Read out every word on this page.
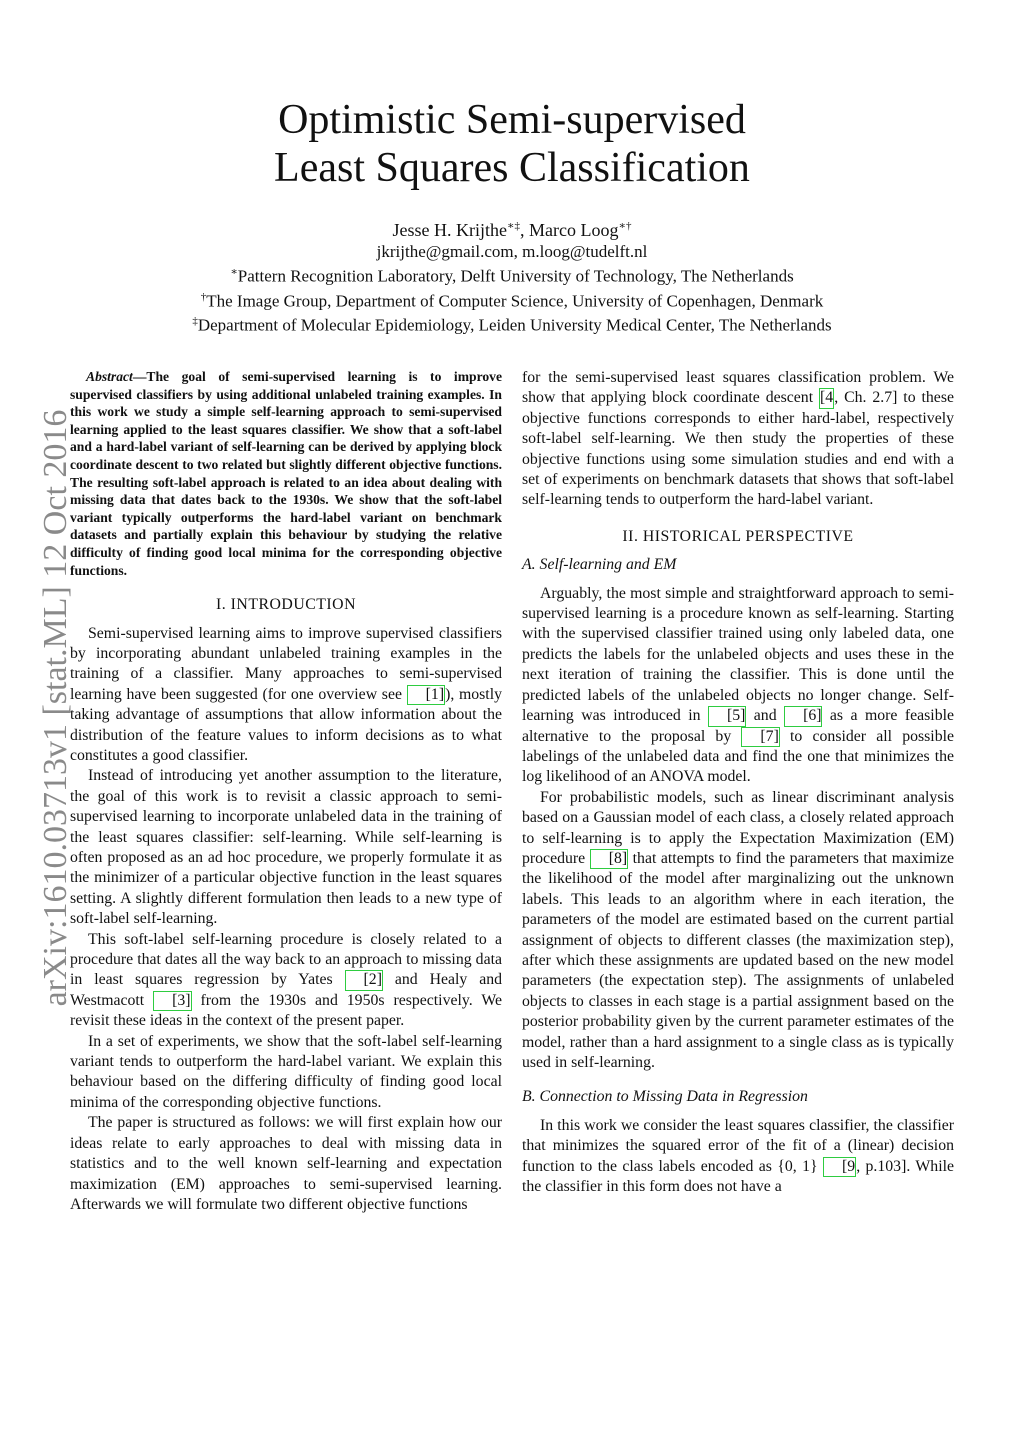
Optimistic Semi-supervised
Least Squares Classification
Jesse H. Krijthe∗‡, Marco Loog∗†
jkrijthe@gmail.com, m.loog@tudelft.nl
∗Pattern Recognition Laboratory, Delft University of Technology, The Netherlands
†The Image Group, Department of Computer Science, University of Copenhagen, Denmark
‡Department of Molecular Epidemiology, Leiden University Medical Center, The Netherlands
arXiv:1610.03713v1 [stat.ML] 12 Oct 2016

Abstract—The goal of semi-supervised learning is to improve supervised classifiers by using additional unlabeled training examples. In this work we study a simple self-learning approach to semi-supervised learning applied to the least squares classifier. We show that a soft-label and a hard-label variant of self-learning can be derived by applying block coordinate descent to two related but slightly different objective functions. The resulting soft-label approach is related to an idea about dealing with missing data that dates back to the 1930s. We show that the soft-label variant typically outperforms the hard-label variant on benchmark datasets and partially explain this behaviour by studying the relative difficulty of finding good local minima for the corresponding objective functions.

I. INTRODUCTION

Semi-supervised learning aims to improve supervised classifiers by incorporating abundant unlabeled training examples in the training of a classifier. Many approaches to semi-supervised learning have been suggested (for one overview see [1]), mostly taking advantage of assumptions that allow information about the distribution of the feature values to inform decisions as to what constitutes a good classifier.

Instead of introducing yet another assumption to the literature, the goal of this work is to revisit a classic approach to semi-supervised learning to incorporate unlabeled data in the training of the least squares classifier: self-learning. While self-learning is often proposed as an ad hoc procedure, we properly formulate it as the minimizer of a particular objective function in the least squares setting. A slightly different formulation then leads to a new type of soft-label self-learning.

This soft-label self-learning procedure is closely related to a procedure that dates all the way back to an approach to missing data in least squares regression by Yates [2] and Healy and Westmacott [3] from the 1930s and 1950s respectively. We revisit these ideas in the context of the present paper.

In a set of experiments, we show that the soft-label self-learning variant tends to outperform the hard-label variant. We explain this behaviour based on the differing difficulty of finding good local minima of the corresponding objective functions.

The paper is structured as follows: we will first explain how our ideas relate to early approaches to deal with missing data in statistics and to the well known self-learning and expectation maximization (EM) approaches to semi-supervised learning. Afterwards we will formulate two different objective functions

for the semi-supervised least squares classification problem. We show that applying block coordinate descent [4, Ch. 2.7] to these objective functions corresponds to either hard-label, respectively soft-label self-learning. We then study the properties of these objective functions using some simulation studies and end with a set of experiments on benchmark datasets that shows that soft-label self-learning tends to outperform the hard-label variant.

II. HISTORICAL PERSPECTIVE
A. Self-learning and EM

Arguably, the most simple and straightforward approach to semi-supervised learning is a procedure known as self-learning. Starting with the supervised classifier trained using only labeled data, one predicts the labels for the unlabeled objects and uses these in the next iteration of training the classifier. This is done until the predicted labels of the unlabeled objects no longer change. Self-learning was introduced in [5] and [6] as a more feasible alternative to the proposal by [7] to consider all possible labelings of the unlabeled data and find the one that minimizes the log likelihood of an ANOVA model.

For probabilistic models, such as linear discriminant analysis based on a Gaussian model of each class, a closely related approach to self-learning is to apply the Expectation Maximization (EM) procedure [8] that attempts to find the parameters that maximize the likelihood of the model after marginalizing out the unknown labels. This leads to an algorithm where in each iteration, the parameters of the model are estimated based on the current partial assignment of objects to different classes (the maximization step), after which these assignments are updated based on the new model parameters (the expectation step). The assignments of unlabeled objects to classes in each stage is a partial assignment based on the posterior probability given by the current parameter estimates of the model, rather than a hard assignment to a single class as is typically used in self-learning.

B. Connection to Missing Data in Regression

In this work we consider the least squares classifier, the classifier that minimizes the squared error of the fit of a (linear) decision function to the class labels encoded as {0, 1} [9, p.103]. While the classifier in this form does not have a
